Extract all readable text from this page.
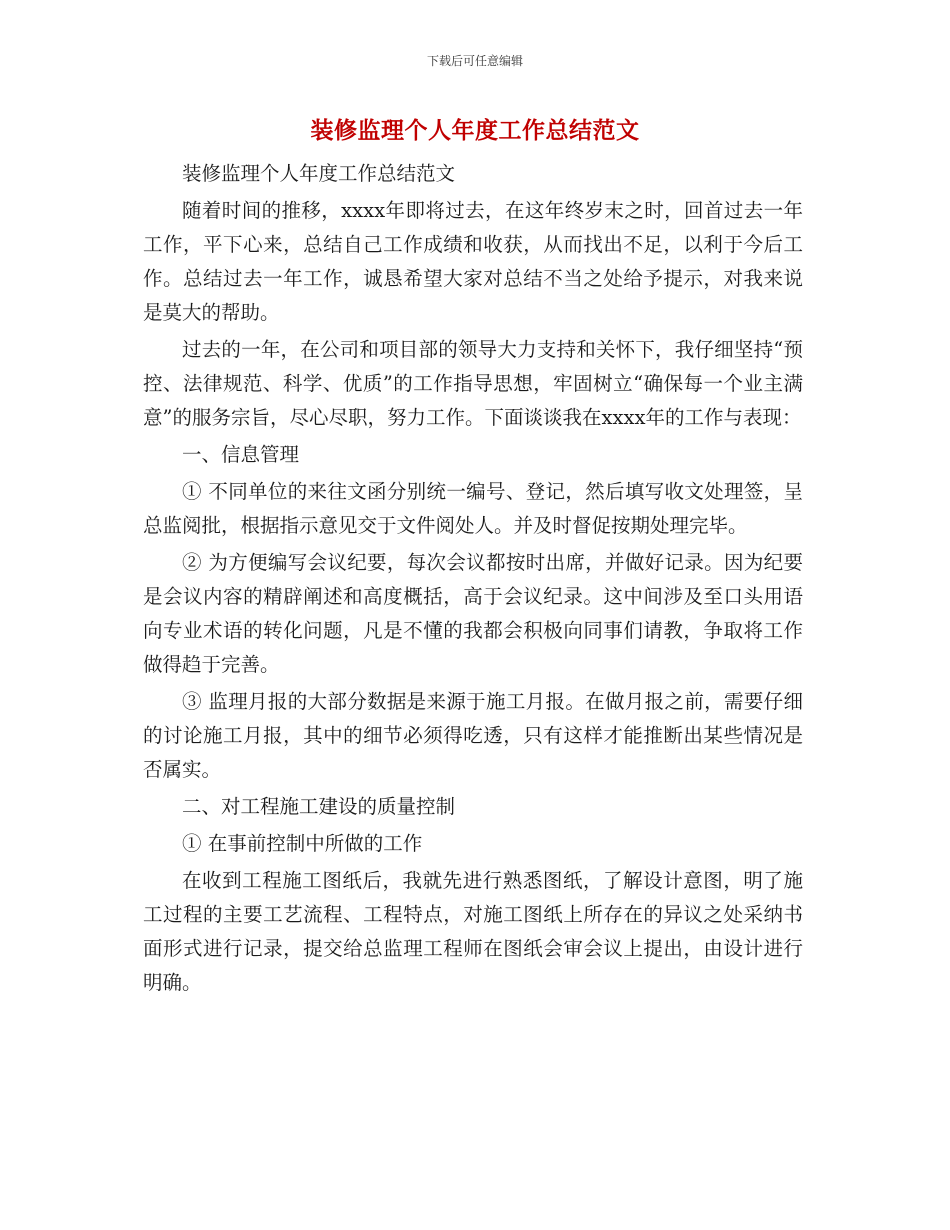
下载后可任意编辑
装修监理个人年度工作总结范文

装修监理个人年度工作总结范文

随着时间的推移，xxxx年即将过去，在这年终岁末之时，回首过去一年工作，平下心来，总结自己工作成绩和收获，从而找出不足，以利于今后工作。总结过去一年工作，诚恳希望大家对总结不当之处给予提示，对我来说是莫大的帮助。

过去的一年，在公司和项目部的领导大力支持和关怀下，我仔细坚持“预控、法律规范、科学、优质”的工作指导思想，牢固树立“确保每一个业主满意”的服务宗旨，尽心尽职，努力工作。下面谈谈我在xxxx年的工作与表现：

一、信息管理

① 不同单位的来往文函分别统一编号、登记，然后填写收文处理签，呈总监阅批，根据指示意见交于文件阅处人。并及时督促按期处理完毕。

② 为方便编写会议纪要，每次会议都按时出席，并做好记录。因为纪要是会议内容的精辟阐述和高度概括，高于会议纪录。这中间涉及至口头用语向专业术语的转化问题，凡是不懂的我都会积极向同事们请教，争取将工作做得趋于完善。

③ 监理月报的大部分数据是来源于施工月报。在做月报之前，需要仔细的讨论施工月报，其中的细节必须得吃透，只有这样才能推断出某些情况是否属实。

二、对工程施工建设的质量控制

① 在事前控制中所做的工作

在收到工程施工图纸后，我就先进行熟悉图纸，了解设计意图，明了施工过程的主要工艺流程、工程特点，对施工图纸上所存在的异议之处采纳书面形式进行记录，提交给总监理工程师在图纸会审会议上提出，由设计进行明确。
